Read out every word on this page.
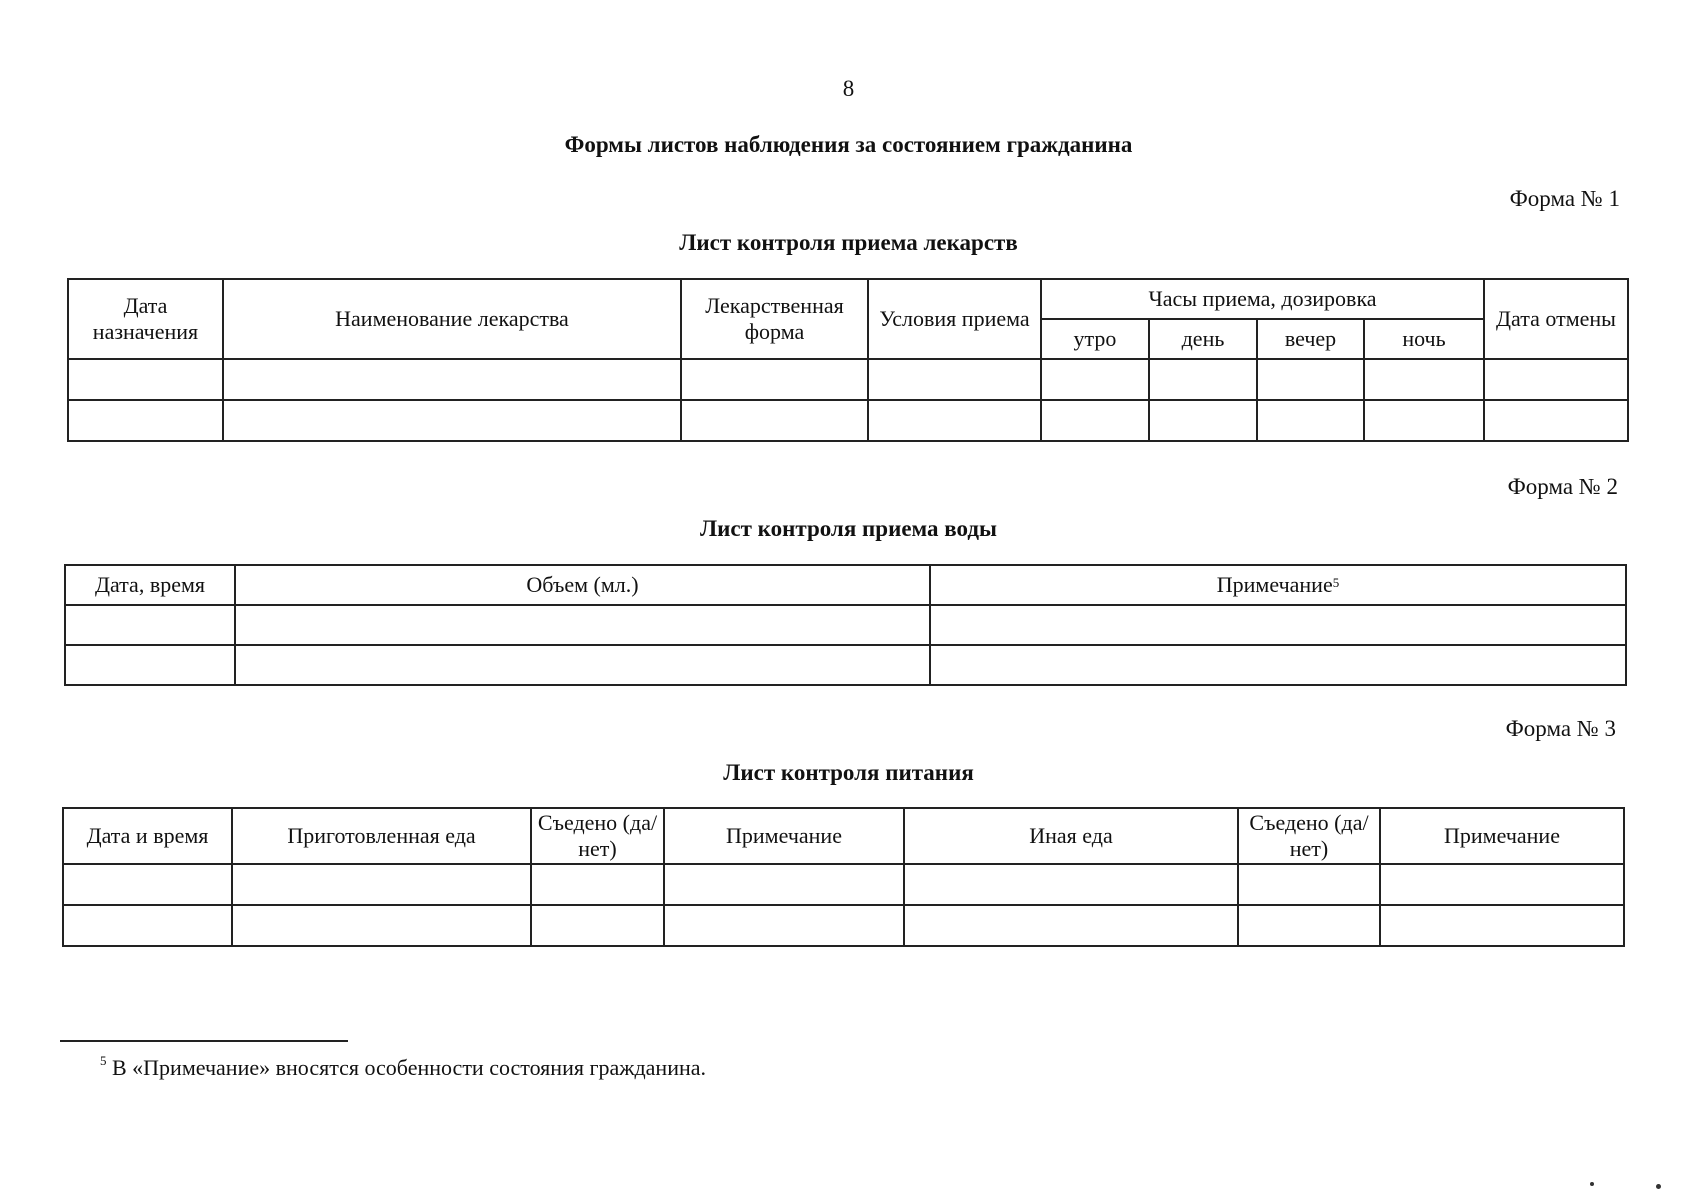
8
Формы листов наблюдения за состоянием гражданина
Форма № 1
Лист контроля приема лекарств
Дата назначения	Наименование лекарства	Лекарственная форма	Условия приема	Часы приема, дозировка				Дата отмены
				утро	день	вечер	ночь	

Форма № 2
Лист контроля приема воды
Дата, время	Объем (мл.)	Примечание$^5$

Форма № 3
Лист контроля питания
Дата и время	Приготовленная еда	Съедено (да/нет)	Примечание	Иная еда	Съедено (да/нет)	Примечание

$^5$ В «Примечание» вносятся особенности состояния гражданина.
